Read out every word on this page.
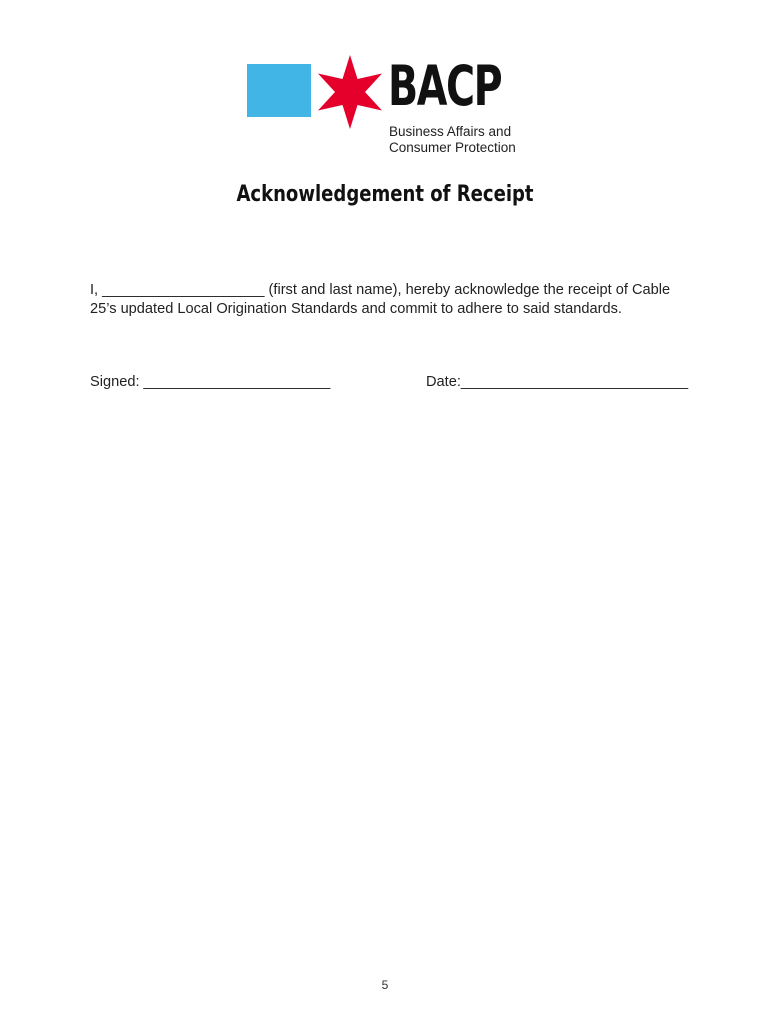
BACP
Business Affairs and
Consumer Protection
Acknowledgement of Receipt
I, ____________________ (first and last name), hereby acknowledge the receipt of Cable
25’s updated Local Origination Standards and commit to adhere to said standards.
Signed: _______________________	Date:____________________________
5
